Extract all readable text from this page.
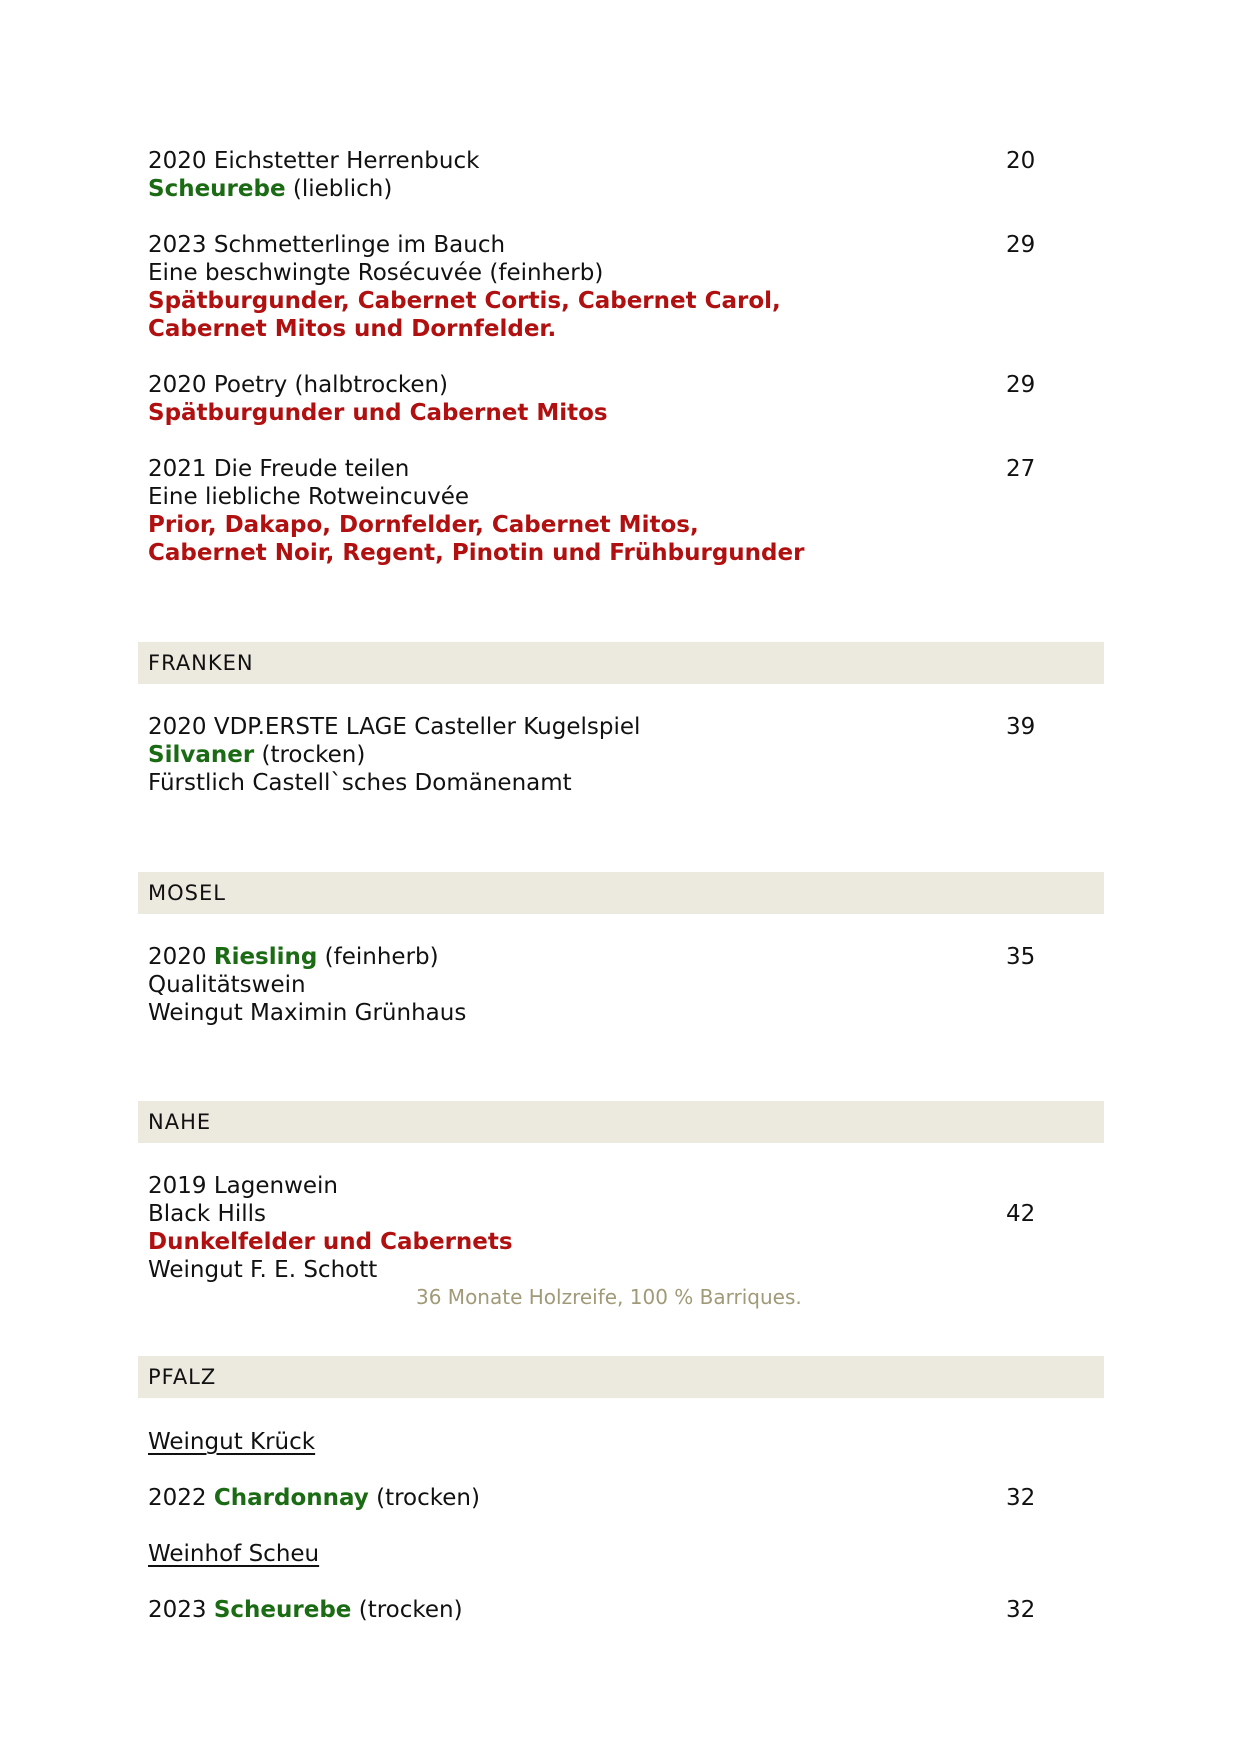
2020 Eichstetter Herrenbuck	20
Scheurebe (lieblich)
2023 Schmetterlinge im Bauch	29
Eine beschwingte Rosécuvée (feinherb)
Spätburgunder, Cabernet Cortis, Cabernet Carol,
Cabernet Mitos und Dornfelder.
2020 Poetry (halbtrocken)	29
Spätburgunder und Cabernet Mitos
2021 Die Freude teilen	27
Eine liebliche Rotweincuvée
Prior, Dakapo, Dornfelder, Cabernet Mitos,
Cabernet Noir, Regent, Pinotin und Frühburgunder
FRANKEN
2020 VDP.ERSTE LAGE Casteller Kugelspiel	39
Silvaner (trocken)
Fürstlich Castell`sches Domänenamt
MOSEL
2020 Riesling (feinherb)	35
Qualitätswein
Weingut Maximin Grünhaus
NAHE
2019 Lagenwein
Black Hills	42
Dunkelfelder und Cabernets
Weingut F. E. Schott
36 Monate Holzreife, 100 % Barriques.
PFALZ
Weingut Krück
2022 Chardonnay (trocken)	32
Weinhof Scheu
2023 Scheurebe (trocken)	32
